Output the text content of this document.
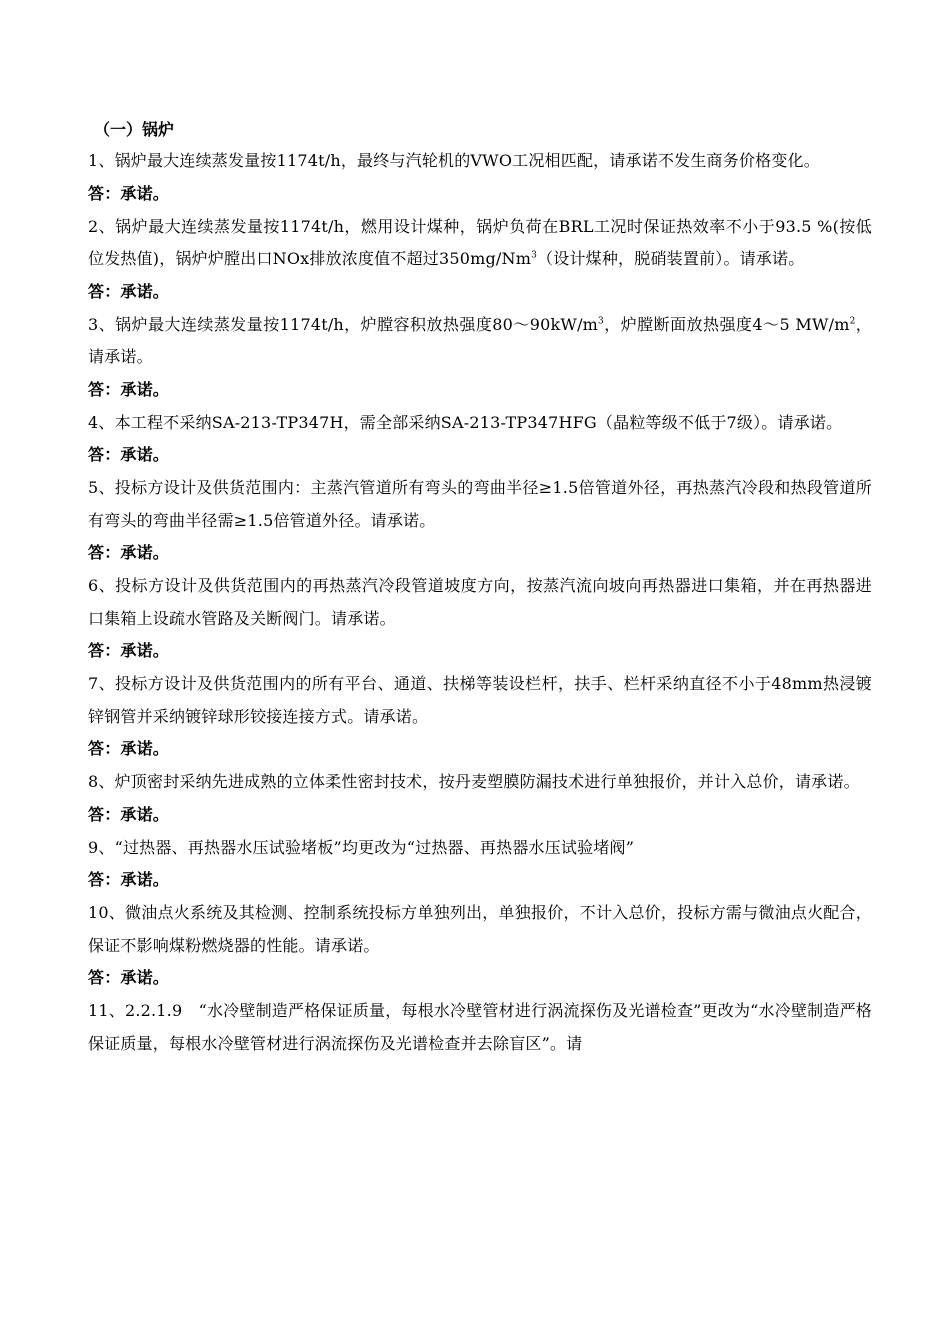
（一）锅炉
1、锅炉最大连续蒸发量按1174t/h，最终与汽轮机的VWO工况相匹配，请承诺不发生商务价格变化。
答：承诺。
2、锅炉最大连续蒸发量按1174t/h，燃用设计煤种，锅炉负荷在BRL工况时保证热效率不小于93.5 %(按低位发热值)，锅炉炉膛出口NOx排放浓度值不超过350mg/Nm$^3$（设计煤种，脱硝装置前）。请承诺。
答：承诺。
3、锅炉最大连续蒸发量按1174t/h，炉膛容积放热强度$80\sim 90kW/m^3$，炉膛断面放热强度4～5 $MW/m^2$，请承诺。
答：承诺。
4、本工程不采纳SA-213-TP347H，需全部采纳SA-213-TP347HFG（晶粒等级不低于7级）。请承诺。
答：承诺。
5、投标方设计及供货范围内：主蒸汽管道所有弯头的弯曲半径≥1.5倍管道外径，再热蒸汽冷段和热段管道所有弯头的弯曲半径需≥1.5倍管道外径。请承诺。
答：承诺。
6、投标方设计及供货范围内的再热蒸汽冷段管道坡度方向，按蒸汽流向坡向再热器进口集箱，并在再热器进口集箱上设疏水管路及关断阀门。请承诺。
答：承诺。
7、投标方设计及供货范围内的所有平台、通道、扶梯等装设栏杆，扶手、栏杆采纳直径不小于48mm热浸镀锌钢管并采纳镀锌球形铰接连接方式。请承诺。
答：承诺。
8、炉顶密封采纳先进成熟的立体柔性密封技术，按丹麦塑膜防漏技术进行单独报价，并计入总价，请承诺。
答：承诺。
9、“过热器、再热器水压试验堵板”均更改为“过热器、再热器水压试验堵阀”
答：承诺。
10、微油点火系统及其检测、控制系统投标方单独列出，单独报价，不计入总价，投标方需与微油点火配合，保证不影响煤粉燃烧器的性能。请承诺。
答：承诺。
11、2.2.1.9　“水冷壁制造严格保证质量，每根水冷壁管材进行涡流探伤及光谱检查”更改为“水冷壁制造严格保证质量，每根水冷壁管材进行涡流探伤及光谱检查并去除盲区”。请
